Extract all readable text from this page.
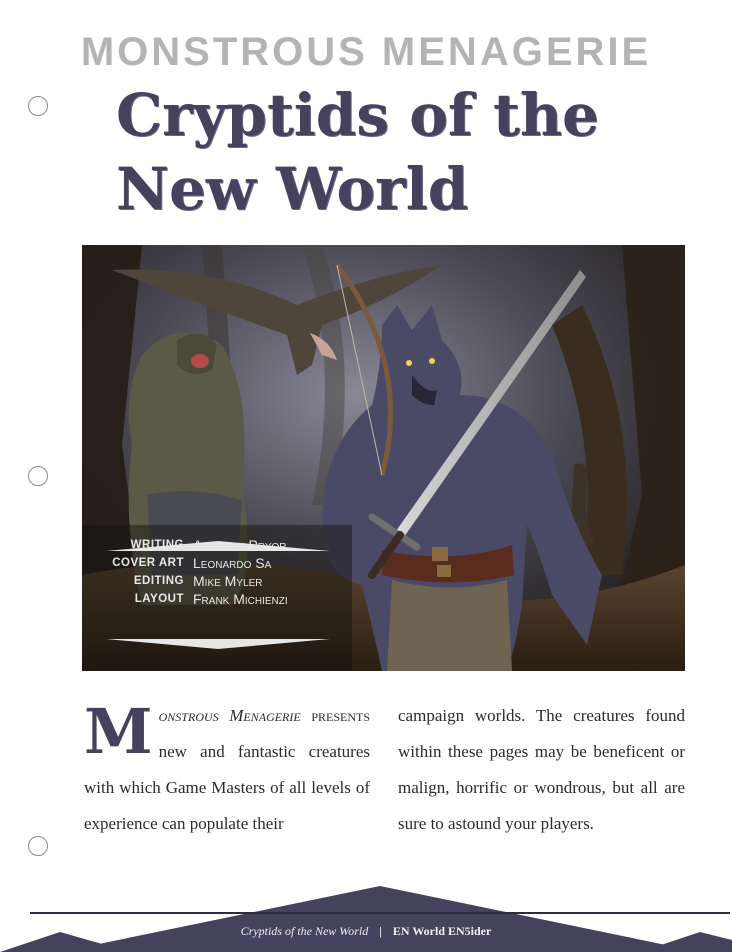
MONSTROUS MENAGERIE
Cryptids of the
New World
WRITING Anthony Pryor
COVER ART Leonardo Sa
EDITING Mike Myler
LAYOUT Frank Michienzi
M onstrous Menagerie presents new and fantastic creatures with which Game Masters of all levels of experience can populate their
campaign worlds. The creatures found within these pages may be beneficent or malign, horrific or wondrous, but all are sure to astound your players.
Cryptids of the New World | EN World EN5ider
